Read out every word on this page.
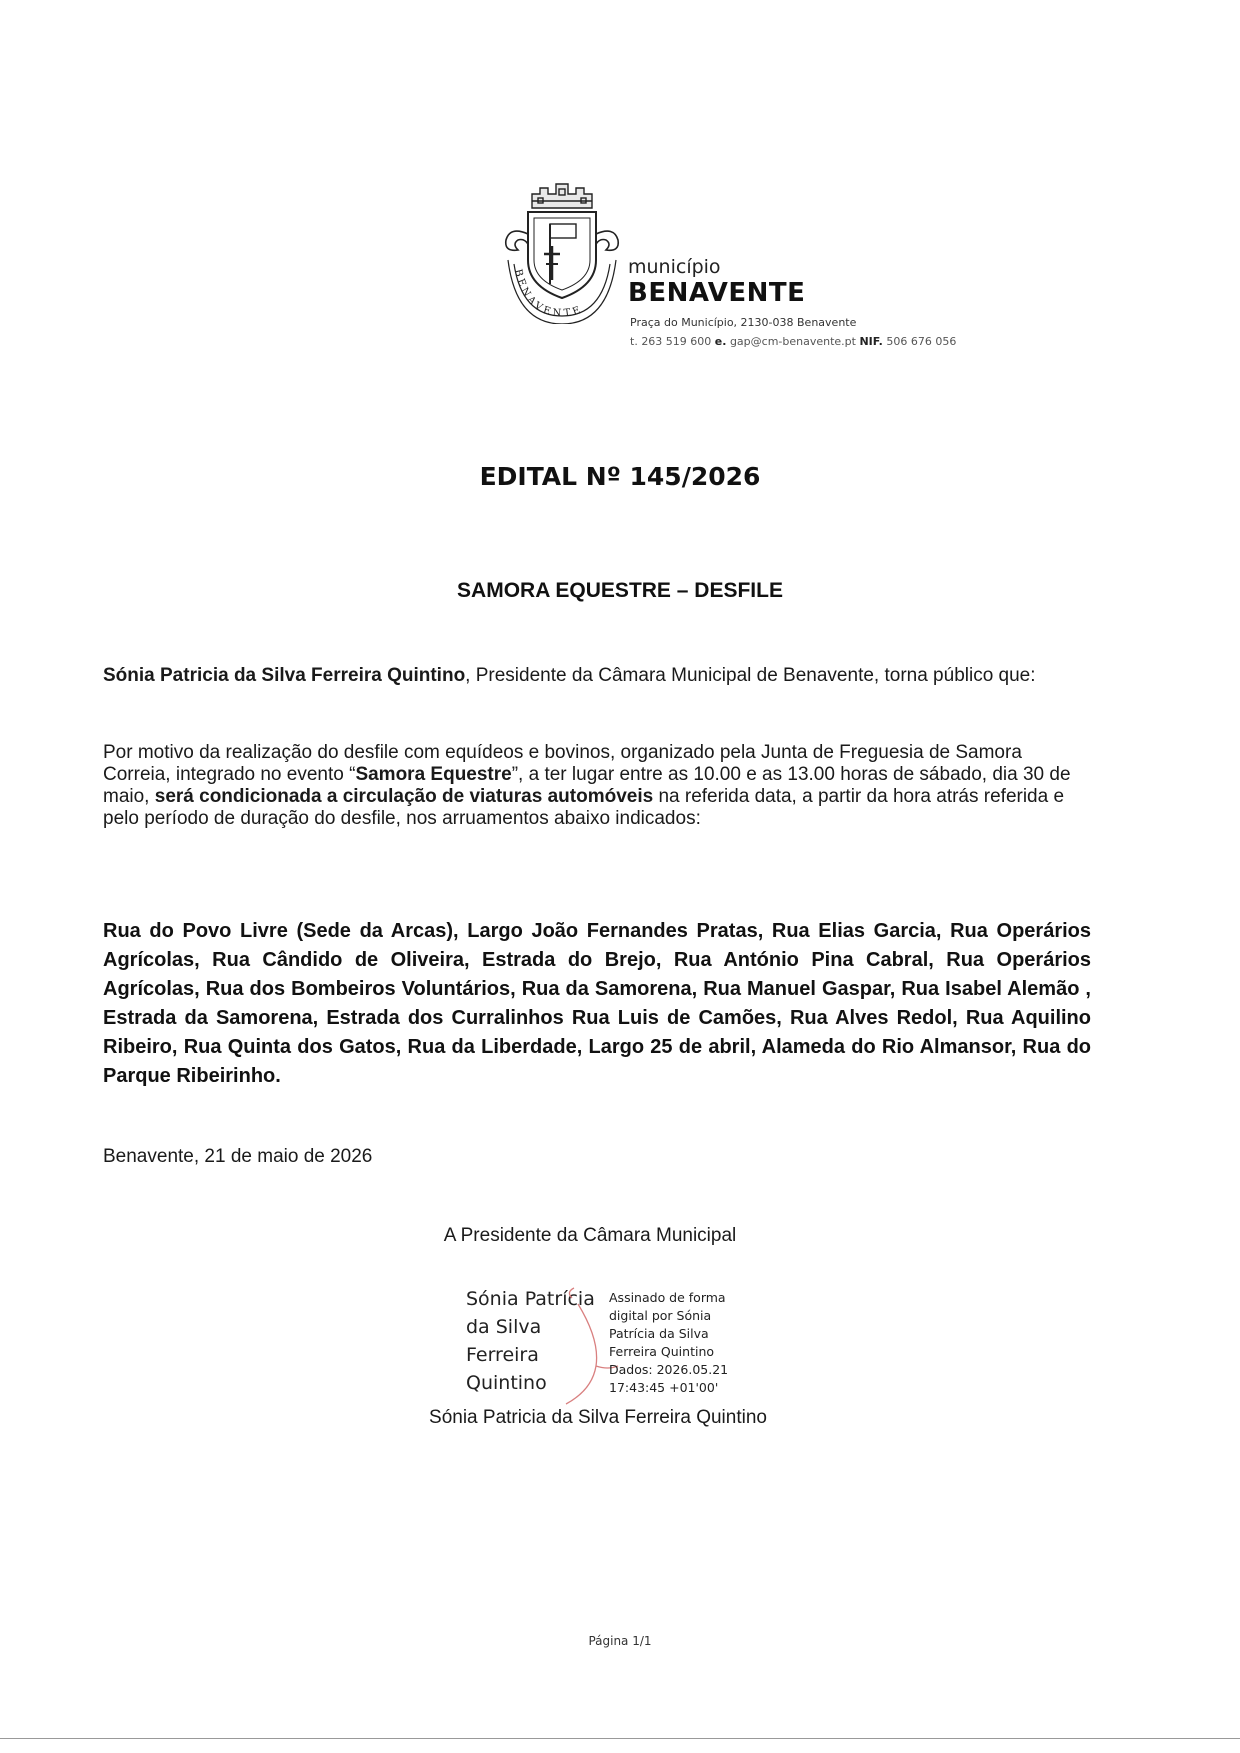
BENAVENTE
município
BENAVENTE
Praça do Município, 2130-038 Benavente
t. 263 519 600 e. gap@cm-benavente.pt NIF. 506 676 056
EDITAL Nº 145/2026
SAMORA EQUESTRE – DESFILE
Sónia Patricia da Silva Ferreira Quintino, Presidente da Câmara Municipal de Benavente, torna público que:
Por motivo da realização do desfile com equídeos e bovinos, organizado pela Junta de Freguesia de Samora Correia, integrado no evento “Samora Equestre”, a ter lugar entre as 10.00 e as 13.00 horas de sábado, dia 30 de maio, será condicionada a circulação de viaturas automóveis na referida data, a partir da hora atrás referida e pelo período de duração do desfile, nos arruamentos abaixo indicados:
Rua do Povo Livre (Sede da Arcas), Largo João Fernandes Pratas, Rua Elias Garcia, Rua Operários Agrícolas, Rua Cândido de Oliveira, Estrada do Brejo, Rua António Pina Cabral, Rua Operários Agrícolas, Rua dos Bombeiros Voluntários, Rua da Samorena, Rua Manuel Gaspar, Rua Isabel Alemão , Estrada da Samorena, Estrada dos Curralinhos Rua Luis de Camões, Rua Alves Redol, Rua Aquilino Ribeiro, Rua Quinta dos Gatos, Rua da Liberdade, Largo 25 de abril, Alameda do Rio Almansor, Rua do Parque Ribeirinho.
Benavente, 21 de maio de 2026
A Presidente da Câmara Municipal
Sónia Patrícia
da Silva
Ferreira
Quintino
Assinado de forma
digital por Sónia
Patrícia da Silva
Ferreira Quintino
Dados: 2026.05.21
17:43:45 +01'00'
Sónia Patricia da Silva Ferreira Quintino
Página 1/1
